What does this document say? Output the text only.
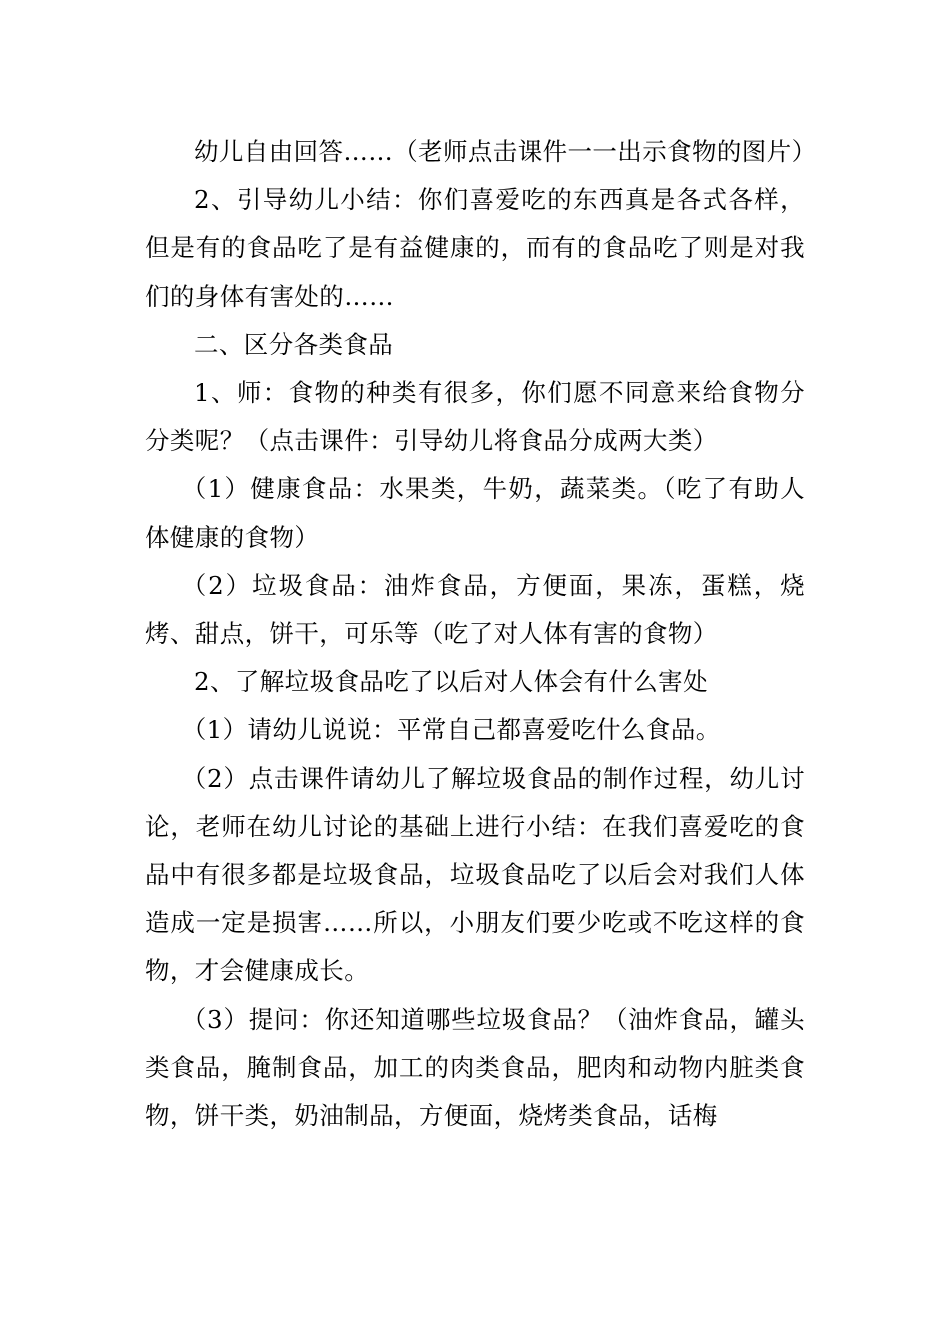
幼儿自由回答……（老师点击课件一一出示食物的图片）

2、引导幼儿小结：你们喜爱吃的东西真是各式各样，但是有的食品吃了是有益健康的，而有的食品吃了则是对我们的身体有害处的……

二、区分各类食品

1、师：食物的种类有很多，你们愿不同意来给食物分分类呢？（点击课件：引导幼儿将食品分成两大类）

（1）健康食品：水果类，牛奶，蔬菜类。（吃了有助人体健康的食物）

（2）垃圾食品：油炸食品，方便面，果冻，蛋糕，烧烤、甜点，饼干，可乐等（吃了对人体有害的食物）

2、了解垃圾食品吃了以后对人体会有什么害处

（1）请幼儿说说：平常自己都喜爱吃什么食品。

（2）点击课件请幼儿了解垃圾食品的制作过程，幼儿讨论，老师在幼儿讨论的基础上进行小结：在我们喜爱吃的食品中有很多都是垃圾食品，垃圾食品吃了以后会对我们人体造成一定是损害……所以，小朋友们要少吃或不吃这样的食物，才会健康成长。

（3）提问：你还知道哪些垃圾食品？（油炸食品，罐头类食品，腌制食品，加工的肉类食品，肥肉和动物内脏类食物，饼干类，奶油制品，方便面，烧烤类食品，话梅
